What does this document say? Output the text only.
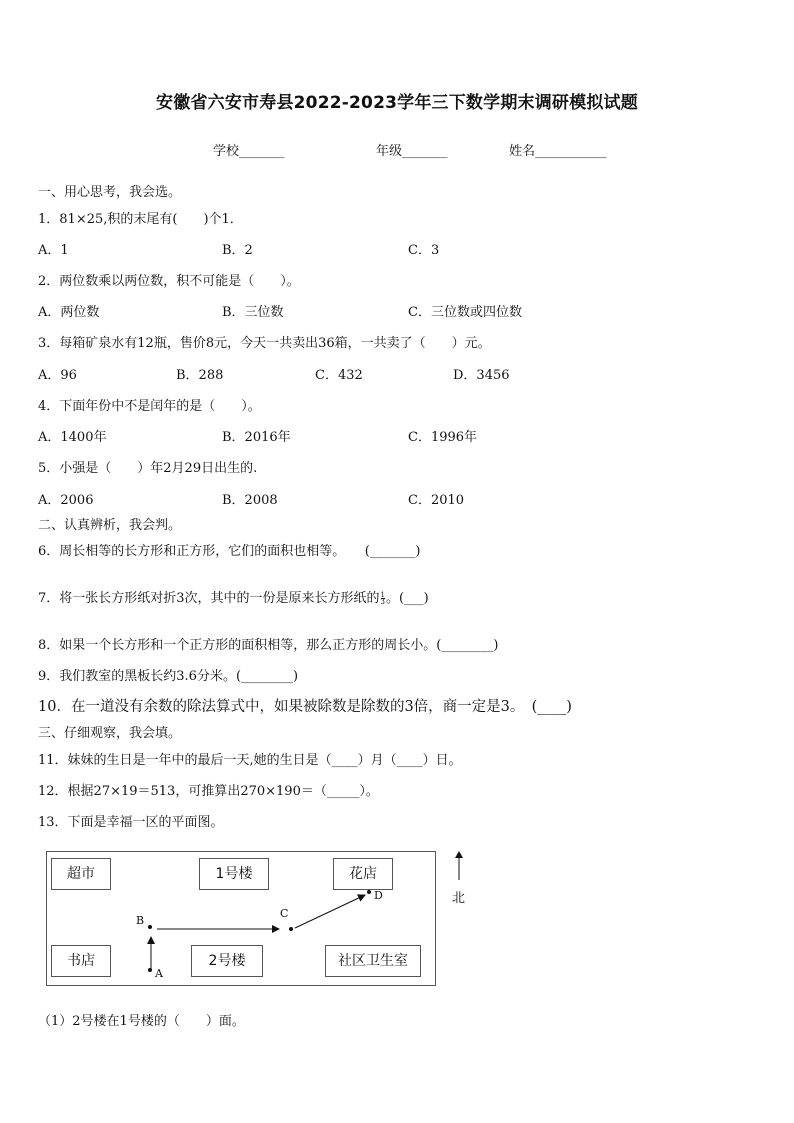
安徽省六安市寿县2022-2023学年三下数学期末调研模拟试题
学校_______	年级_______	姓名___________
一、用心思考，我会选。
1．81×25,积的末尾有(　　)个1．
A．1	B．2	C．3
2．两位数乘以两位数，积不可能是（　　）。
A．两位数	B．三位数	C．三位数或四位数
3．每箱矿泉水有12瓶，售价8元，今天一共卖出36箱，一共卖了（　　）元。
A．96	B．288	C．432	D．3456
4．下面年份中不是闰年的是（　　）。
A．1400年	B．2016年	C．1996年
5．小强是（　　）年2月29日出生的.
A．2006	B．2008	C．2010
二、认真辨析，我会判。
6．周长相等的长方形和正方形，它们的面积也相等。　　(_______)
7．将一张长方形纸对折3次，其中的一份是原来长方形纸的 $\frac{1}{3}$ 。(___)
8．如果一个长方形和一个正方形的面积相等，那么正方形的周长小。(________)
9．我们教室的黑板长约3.6分米。(________)
10．在一道没有余数的除法算式中，如果被除数是除数的3倍，商一定是3。　(____)
三、仔细观察，我会填。
11．妹妹的生日是一年中的最后一天,她的生日是（____）月（____）日。
12．根据27×19＝513，可推算出270×190＝（_____）。
13．下面是幸福一区的平面图。
超市	1号楼	花店
书店	2号楼	社区卫生室
A
B
C
D	北
（1）2号楼在1号楼的（　　）面。
